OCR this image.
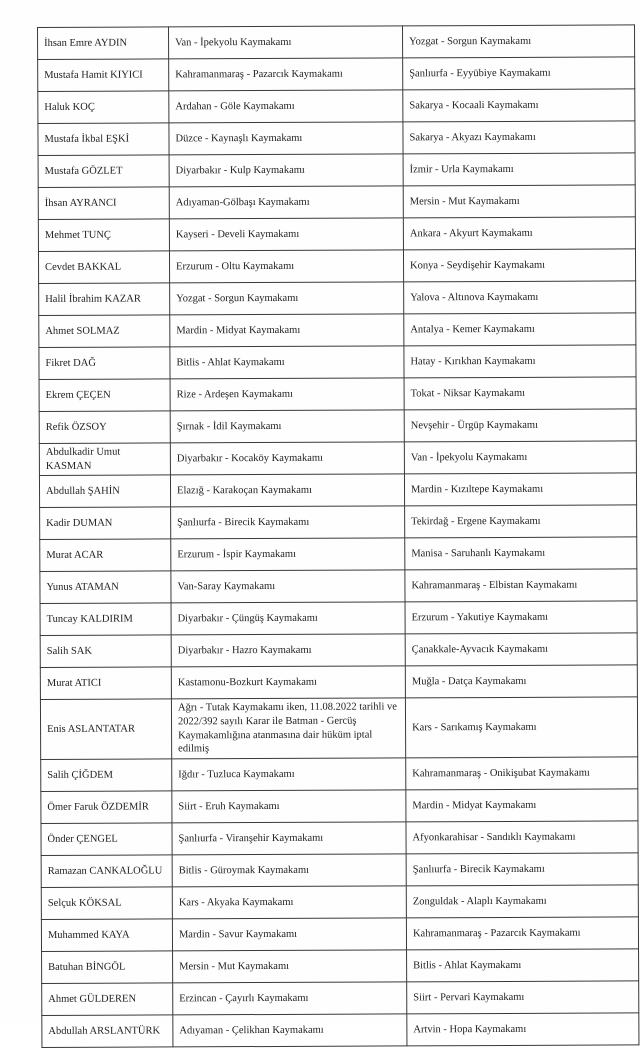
İhsan Emre AYDIN	Van - İpekyolu Kaymakamı	Yozgat - Sorgun Kaymakamı
Mustafa Hamit KIYICI	Kahramanmaraş - Pazarcık Kaymakamı	Şanlıurfa - Eyyübiye Kaymakamı
Haluk KOÇ	Ardahan - Göle Kaymakamı	Sakarya - Kocaali Kaymakamı
Mustafa İkbal EŞKİ	Düzce - Kaynaşlı Kaymakamı	Sakarya - Akyazı Kaymakamı
Mustafa GÖZLET	Diyarbakır - Kulp Kaymakamı	İzmir - Urla Kaymakamı
İhsan AYRANCI	Adıyaman-Gölbaşı Kaymakamı	Mersin - Mut Kaymakamı
Mehmet TUNÇ	Kayseri - Develi Kaymakamı	Ankara - Akyurt Kaymakamı
Cevdet BAKKAL	Erzurum - Oltu Kaymakamı	Konya - Seydişehir Kaymakamı
Halil İbrahim KAZAR	Yozgat - Sorgun Kaymakamı	Yalova - Altınova Kaymakamı
Ahmet SOLMAZ	Mardin - Midyat Kaymakamı	Antalya - Kemer Kaymakamı
Fikret DAĞ	Bitlis - Ahlat Kaymakamı	Hatay - Kırıkhan Kaymakamı
Ekrem ÇEÇEN	Rize - Ardeşen Kaymakamı	Tokat - Niksar Kaymakamı
Refik ÖZSOY	Şırnak - İdil Kaymakamı	Nevşehir - Ürgüp Kaymakamı
Abdulkadir Umut KASMAN	Diyarbakır - Kocaköy Kaymakamı	Van - İpekyolu Kaymakamı
Abdullah ŞAHİN	Elazığ - Karakoçan Kaymakamı	Mardin - Kızıltepe Kaymakamı
Kadir DUMAN	Şanlıurfa - Birecik Kaymakamı	Tekirdağ - Ergene Kaymakamı
Murat ACAR	Erzurum - İspir Kaymakamı	Manisa - Saruhanlı Kaymakamı
Yunus ATAMAN	Van-Saray Kaymakamı	Kahramanmaraş - Elbistan Kaymakamı
Tuncay KALDIRIM	Diyarbakır - Çüngüş Kaymakamı	Erzurum - Yakutiye Kaymakamı
Salih SAK	Diyarbakır - Hazro Kaymakamı	Çanakkale-Ayvacık Kaymakamı
Murat ATICI	Kastamonu-Bozkurt Kaymakamı	Muğla - Datça Kaymakamı
Enis ASLANTATAR	Ağrı - Tutak Kaymakamı iken, 11.08.2022 tarihli ve 2022/392 sayılı Karar ile Batman - Gercüş Kaymakamlığına atanmasına dair hüküm iptal edilmiş	Kars - Sarıkamış Kaymakamı
Salih ÇİĞDEM	Iğdır - Tuzluca Kaymakamı	Kahramanmaraş - Onikişubat Kaymakamı
Ömer Faruk ÖZDEMİR	Siirt - Eruh Kaymakamı	Mardin - Midyat Kaymakamı
Önder ÇENGEL	Şanlıurfa - Viranşehir Kaymakamı	Afyonkarahisar - Sandıklı Kaymakamı
Ramazan CANKALOĞLU	Bitlis - Güroymak Kaymakamı	Şanlıurfa - Birecik Kaymakamı
Selçuk KÖKSAL	Kars - Akyaka Kaymakamı	Zonguldak - Alaplı Kaymakamı
Muhammed KAYA	Mardin - Savur Kaymakamı	Kahramanmaraş - Pazarcık Kaymakamı
Batuhan BİNGÖL	Mersin - Mut Kaymakamı	Bitlis - Ahlat Kaymakamı
Ahmet GÜLDEREN	Erzincan - Çayırlı Kaymakamı	Siirt - Pervari Kaymakamı
Abdullah ARSLANTÜRK	Adıyaman - Çelikhan Kaymakamı	Artvin - Hopa Kaymakamı
